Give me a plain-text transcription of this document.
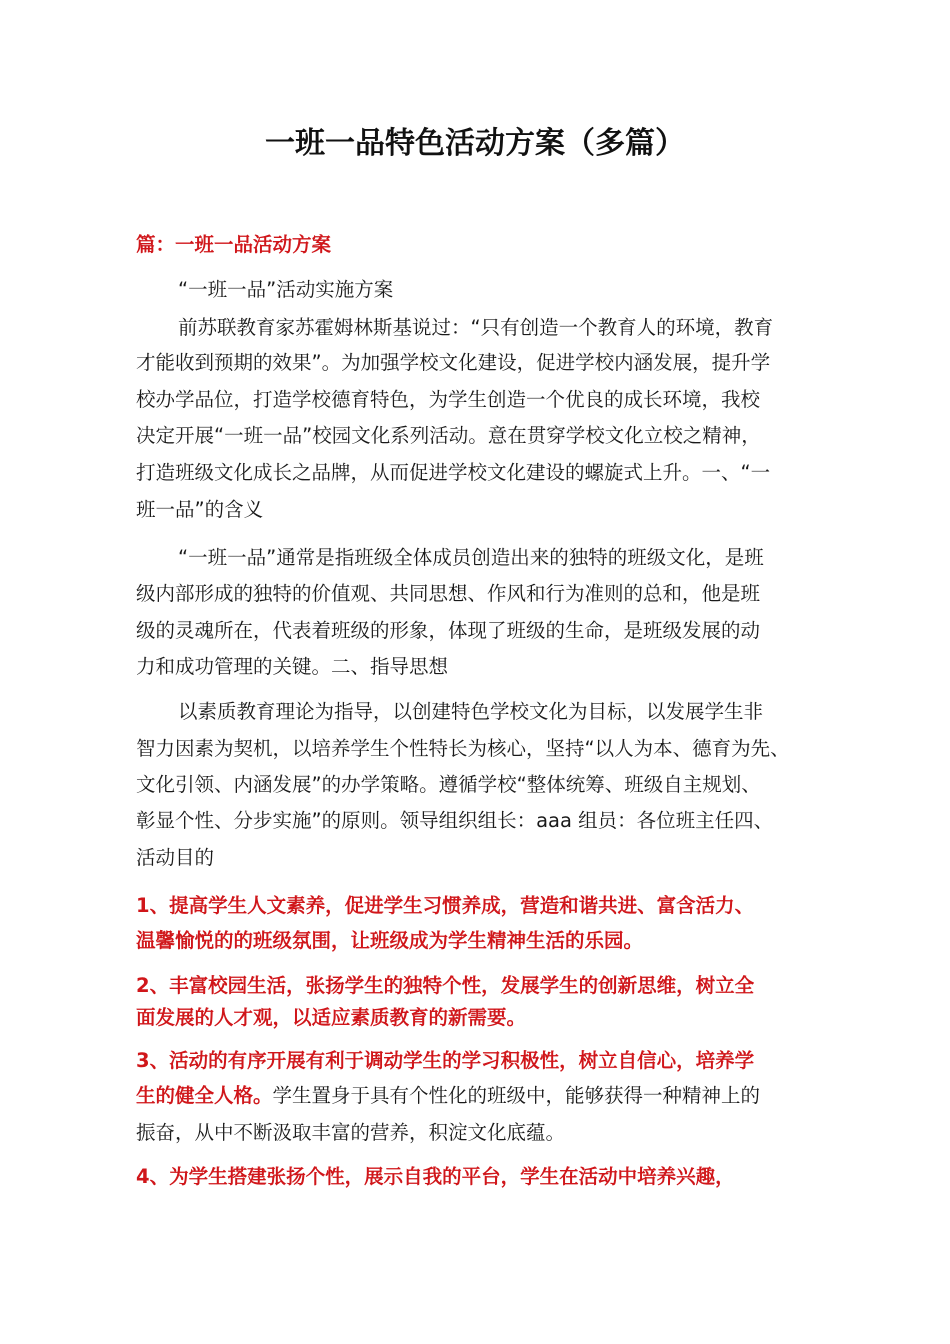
一班一品特色活动方案（多篇）
篇：一班一品活动方案
“一班一品”活动实施方案
前苏联教育家苏霍姆林斯基说过：“只有创造一个教育人的环境，教育
才能收到预期的效果”。为加强学校文化建设，促进学校内涵发展，提升学
校办学品位，打造学校德育特色，为学生创造一个优良的成长环境，我校
决定开展“一班一品”校园文化系列活动。意在贯穿学校文化立校之精神，
打造班级文化成长之品牌，从而促进学校文化建设的螺旋式上升。一、“一
班一品”的含义
“一班一品”通常是指班级全体成员创造出来的独特的班级文化，是班
级内部形成的独特的价值观、共同思想、作风和行为准则的总和，他是班
级的灵魂所在，代表着班级的形象，体现了班级的生命，是班级发展的动
力和成功管理的关键。二、指导思想
以素质教育理论为指导，以创建特色学校文化为目标，以发展学生非
智力因素为契机，以培养学生个性特长为核心，坚持“以人为本、德育为先、
文化引领、内涵发展”的办学策略。遵循学校“整体统筹、班级自主规划、
彰显个性、分步实施”的原则。领导组织组长：aaa 组员：各位班主任四、
活动目的
1、提高学生人文素养，促进学生习惯养成，营造和谐共进、富含活力、
温馨愉悦的的班级氛围，让班级成为学生精神生活的乐园。
2、丰富校园生活，张扬学生的独特个性，发展学生的创新思维，树立全
面发展的人才观，以适应素质教育的新需要。
3、活动的有序开展有利于调动学生的学习积极性，树立自信心，培养学
生的健全人格。学生置身于具有个性化的班级中，能够获得一种精神上的
振奋，从中不断汲取丰富的营养，积淀文化底蕴。
4、为学生搭建张扬个性，展示自我的平台，学生在活动中培养兴趣，
